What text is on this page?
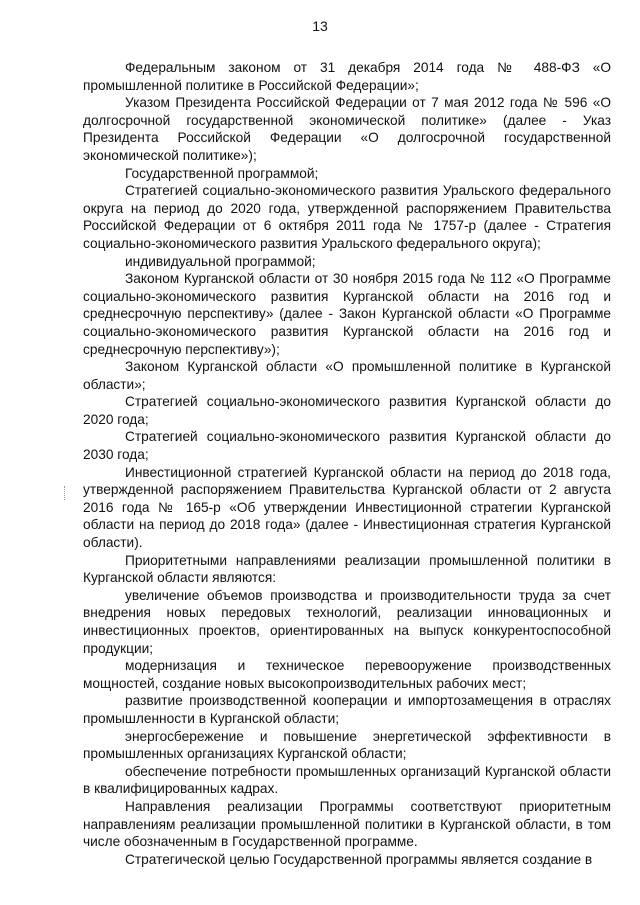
13

Федеральным законом от 31 декабря 2014 года № 488-ФЗ «О промышленной политике в Российской Федерации»;

Указом Президента Российской Федерации от 7 мая 2012 года № 596 «О долгосрочной государственной экономической политике» (далее - Указ Президента Российской Федерации «О долгосрочной государственной экономической политике»);

Государственной программой;

Стратегией социально-экономического развития Уральского федерального округа на период до 2020 года, утвержденной распоряжением Правительства Российской Федерации от 6 октября 2011 года № 1757-р (далее - Стратегия социально-экономического развития Уральского федерального округа);

индивидуальной программой;

Законом Курганской области от 30 ноября 2015 года № 112 «О Программе социально-экономического развития Курганской области на 2016 год и среднесрочную перспективу» (далее - Закон Курганской области «О Программе социально-экономического развития Курганской области на 2016 год и среднесрочную перспективу»);

Законом Курганской области «О промышленной политике в Курганской области»;

Стратегией социально-экономического развития Курганской области до 2020 года;

Стратегией социально-экономического развития Курганской области до 2030 года;

Инвестиционной стратегией Курганской области на период до 2018 года, утвержденной распоряжением Правительства Курганской области от 2 августа 2016 года № 165-р «Об утверждении Инвестиционной стратегии Курганской области на период до 2018 года» (далее - Инвестиционная стратегия Курганской области).

Приоритетными направлениями реализации промышленной политики в Курганской области являются:

увеличение объемов производства и производительности труда за счет внедрения новых передовых технологий, реализации инновационных и инвестиционных проектов, ориентированных на выпуск конкурентоспособной продукции;

модернизация и техническое перевооружение производственных мощностей, создание новых высокопроизводительных рабочих мест;

развитие производственной кооперации и импортозамещения в отраслях промышленности в Курганской области;

энергосбережение и повышение энергетической эффективности в промышленных организациях Курганской области;

обеспечение потребности промышленных организаций Курганской области в квалифицированных кадрах.

Направления реализации Программы соответствуют приоритетным направлениям реализации промышленной политики в Курганской области, в том числе обозначенным в Государственной программе.

Стратегической целью Государственной программы является создание в
